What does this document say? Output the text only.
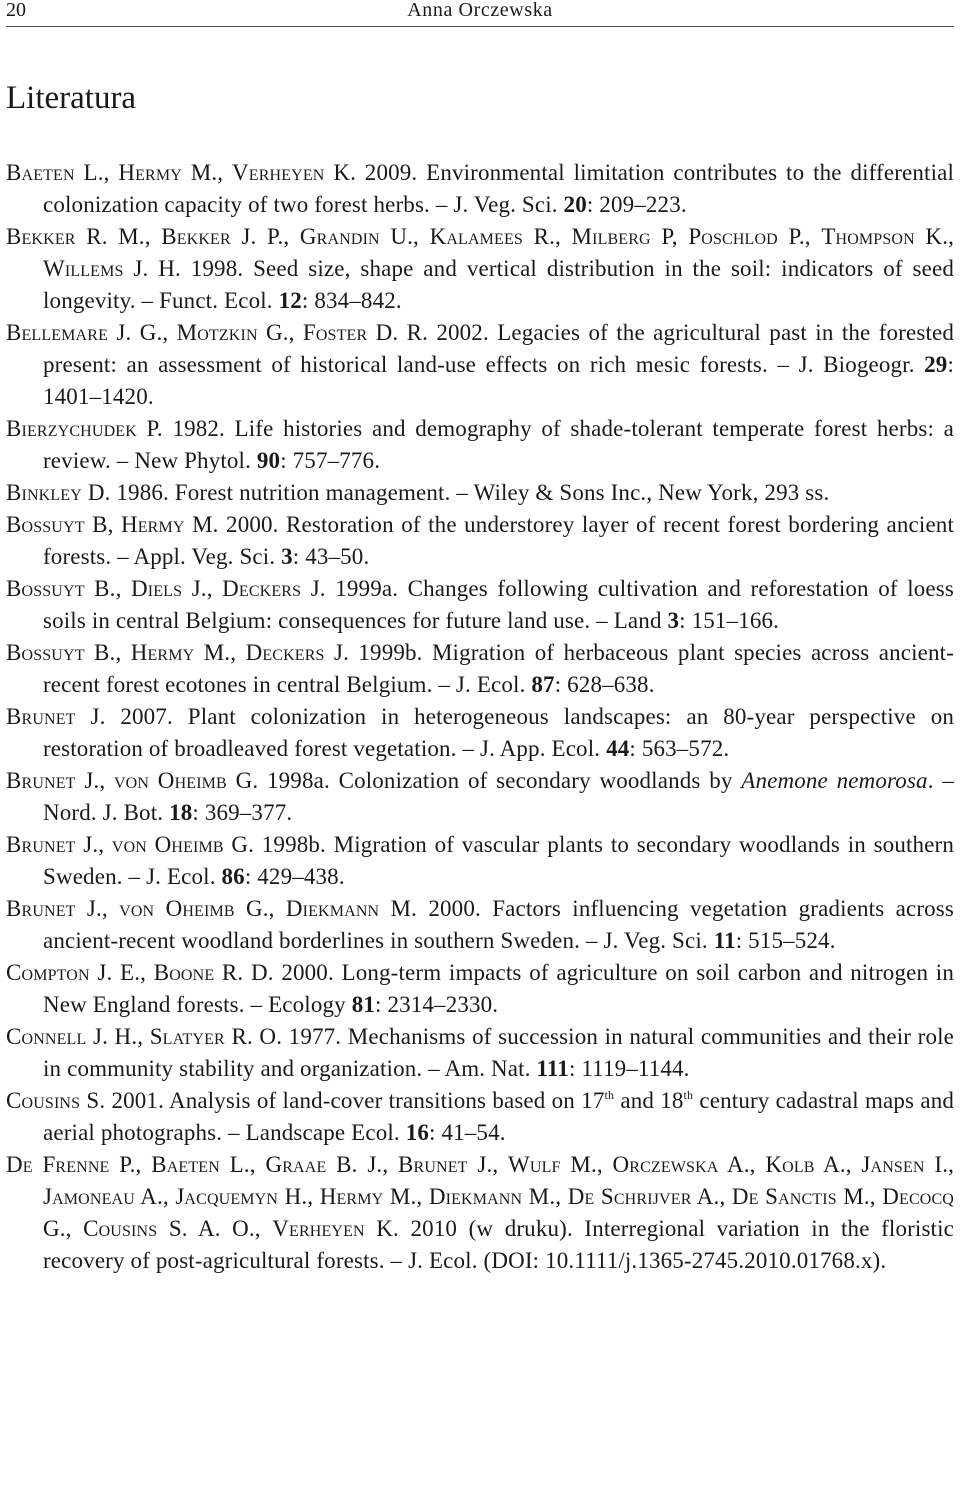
20	Anna Orczewska
Literatura

Baeten L., Hermy M., Verheyen K. 2009. Environmental limitation contributes to the differential colonization capacity of two forest herbs. – J. Veg. Sci. 20: 209–223.

Bekker R. M., Bekker J. P., Grandin U., Kalamees R., Milberg P, Poschlod P., Thompson K., Willems J. H. 1998. Seed size, shape and vertical distribution in the soil: indicators of seed longevity. – Funct. Ecol. 12: 834–842.

Bellemare J. G., Motzkin G., Foster D. R. 2002. Legacies of the agricultural past in the forested present: an assessment of historical land-use effects on rich mesic forests. – J. Biogeogr. 29: 1401–1420.

Bierzychudek P. 1982. Life histories and demography of shade-tolerant temperate forest herbs: a review. – New Phytol. 90: 757–776.

Binkley D. 1986. Forest nutrition management. – Wiley & Sons Inc., New York, 293 ss.

Bossuyt B, Hermy M. 2000. Restoration of the understorey layer of recent forest bordering ancient forests. – Appl. Veg. Sci. 3: 43–50.

Bossuyt B., Diels J., Deckers J. 1999a. Changes following cultivation and reforestation of loess soils in central Belgium: consequences for future land use. – Land 3: 151–166.

Bossuyt B., Hermy M., Deckers J. 1999b. Migration of herbaceous plant species across ancient-recent forest ecotones in central Belgium. – J. Ecol. 87: 628–638.

Brunet J. 2007. Plant colonization in heterogeneous landscapes: an 80-year perspective on restoration of broadleaved forest vegetation. – J. App. Ecol. 44: 563–572.

Brunet J., von Oheimb G. 1998a. Colonization of secondary woodlands by Anemone nemorosa. – Nord. J. Bot. 18: 369–377.

Brunet J., von Oheimb G. 1998b. Migration of vascular plants to secondary woodlands in southern Sweden. – J. Ecol. 86: 429–438.

Brunet J., von Oheimb G., Diekmann M. 2000. Factors influencing vegetation gradients across ancient-recent woodland borderlines in southern Sweden. – J. Veg. Sci. 11: 515–524.

Compton J. E., Boone R. D. 2000. Long-term impacts of agriculture on soil carbon and nitrogen in New England forests. – Ecology 81: 2314–2330.

Connell J. H., Slatyer R. O. 1977. Mechanisms of succession in natural communities and their role in community stability and organization. – Am. Nat. 111: 1119–1144.

Cousins S. 2001. Analysis of land-cover transitions based on 17th and 18th century cadastral maps and aerial photographs. – Landscape Ecol. 16: 41–54.

De Frenne P., Baeten L., Graae B. J., Brunet J., Wulf M., Orczewska A., Kolb A., Jansen I., Jamoneau A., Jacquemyn H., Hermy M., Diekmann M., De Schrijver A., De Sanctis M., Decocq G., Cousins S. A. O., Verheyen K. 2010 (w druku). Interregional variation in the floristic recovery of post-agricultural forests. – J. Ecol. (DOI: 10.1111/j.1365-2745.2010.01768.x).
